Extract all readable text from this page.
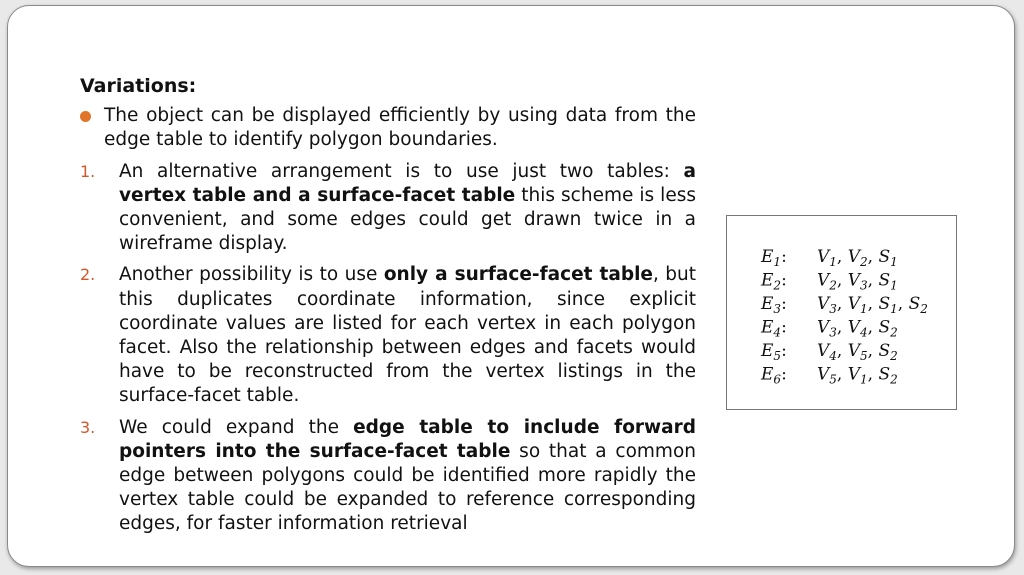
Variations:
The object can be displayed efficiently by using data from the edge table to identify polygon boundaries.
1. An alternative arrangement is to use just two tables: a vertex table and a surface-facet table this scheme is less convenient, and some edges could get drawn twice in a wireframe display.
2. Another possibility is to use only a surface-facet table, but this duplicates coordinate information, since explicit coordinate values are listed for each vertex in each polygon facet. Also the relationship between edges and facets would have to be reconstructed from the vertex listings in the surface-facet table.
3. We could expand the edge table to include forward pointers into the surface-facet table so that a common edge between polygons could be identified more rapidly the vertex table could be expanded to reference corresponding edges, for faster information retrieval
$E_1$: $V_1$, $V_2$, $S_1$
$E_2$: $V_2$, $V_3$, $S_1$
$E_3$: $V_3$, $V_1$, $S_1$, $S_2$
$E_4$: $V_3$, $V_4$, $S_2$
$E_5$: $V_4$, $V_5$, $S_2$
$E_6$: $V_5$, $V_1$, $S_2$
